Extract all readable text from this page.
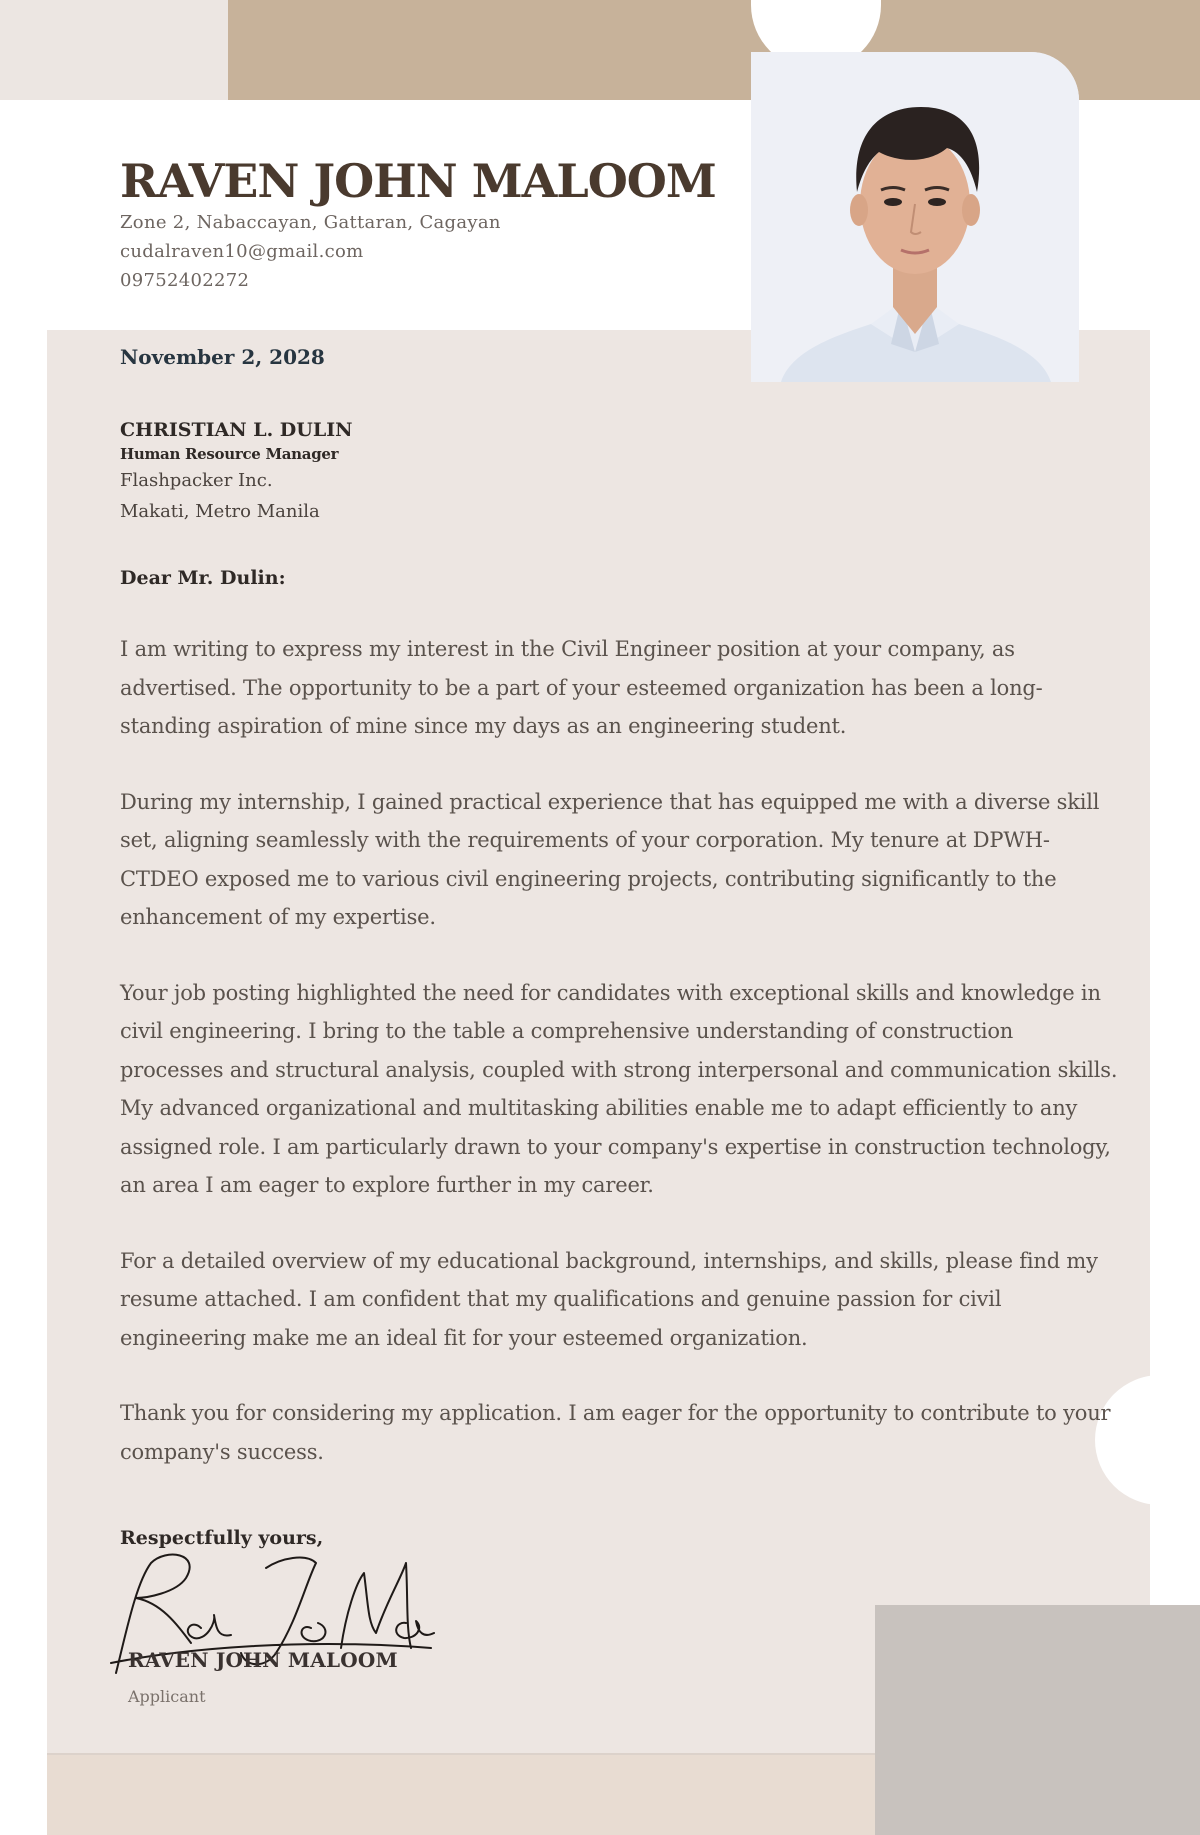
RAVEN JOHN MALOOM
Zone 2, Nabaccayan, Gattaran, Cagayan
cudalraven10@gmail.com
09752402272

November 2, 2028

CHRISTIAN L. DULIN
Human Resource Manager
Flashpacker Inc.
Makati, Metro Manila
Dear Mr. Dulin:

I am writing to express my interest in the Civil Engineer position at your company, as advertised. The opportunity to be a part of your esteemed organization has been a long-standing aspiration of mine since my days as an engineering student.

During my internship, I gained practical experience that has equipped me with a diverse skill set, aligning seamlessly with the requirements of your corporation. My tenure at DPWH-CTDEO exposed me to various civil engineering projects, contributing significantly to the enhancement of my expertise.

Your job posting highlighted the need for candidates with exceptional skills and knowledge in civil engineering. I bring to the table a comprehensive understanding of construction processes and structural analysis, coupled with strong interpersonal and communication skills. My advanced organizational and multitasking abilities enable me to adapt efficiently to any assigned role. I am particularly drawn to your company's expertise in construction technology, an area I am eager to explore further in my career.

For a detailed overview of my educational background, internships, and skills, please find my resume attached. I am confident that my qualifications and genuine passion for civil engineering make me an ideal fit for your esteemed organization.

Thank you for considering my application. I am eager for the opportunity to contribute to your company's success.

Respectfully yours,
RAVEN JOHN MALOOM
Applicant
